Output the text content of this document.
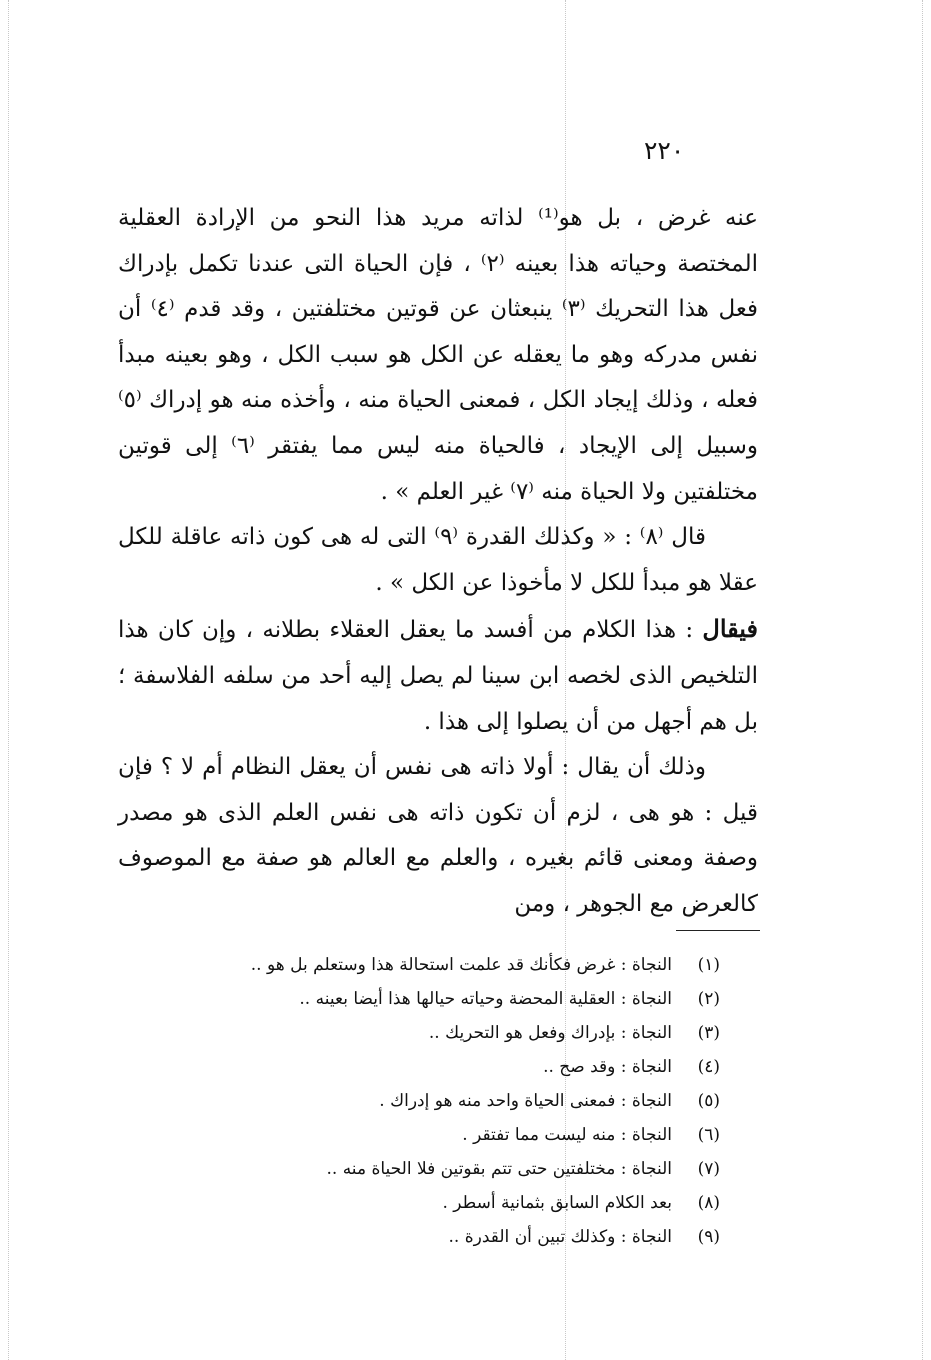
٢٢٠

عنه غرض ، بل هو⁽¹⁾ لذاته مريد هذا النحو من الإرادة العقلية المختصة وحياته هذا بعينه ⁽٢⁾ ، فإن الحياة التى عندنا تكمل بإدراك فعل هذا التحريك ⁽٣⁾ ينبعثان عن قوتين مختلفتين ، وقد قدم ⁽٤⁾ أن نفس مدركه وهو ما يعقله عن الكل هو سبب الكل ، وهو بعينه مبدأ فعله ، وذلك إيجاد الكل ، فمعنى الحياة منه ، وأخذه منه هو إدراك ⁽٥⁾ وسبيل إلى الإيجاد ، فالحياة منه ليس مما يفتقر ⁽٦⁾ إلى قوتين مختلفتين ولا الحياة منه ⁽٧⁾ غير العلم » .

قال ⁽٨⁾ : « وكذلك القدرة ⁽٩⁾ التى له هى كون ذاته عاقلة للكل عقلا هو مبدأ للكل لا مأخوذا عن الكل » .

فيقال : هذا الكلام من أفسد ما يعقل العقلاء بطلانه ، وإن كان هذا التلخيص الذى لخصه ابن سينا لم يصل إليه أحد من سلفه الفلاسفة ؛ بل هم أجهل من أن يصلوا إلى هذا .

وذلك أن يقال : أولا ذاته هى نفس أن يعقل النظام أم لا ؟ فإن قيل : هو هى ، لزم أن تكون ذاته هى نفس العلم الذى هو مصدر وصفة ومعنى قائم بغيره ، والعلم مع العالم هو صفة مع الموصوف كالعرض مع الجوهر ، ومن

(١)النجاة : غرض فكأنك قد علمت استحالة هذا وستعلم بل هو ..
(٢)النجاة : العقلية المحضة وحياته حيالها هذا أيضا بعينه ..
(٣)النجاة : بإدراك وفعل هو التحريك ..
(٤)النجاة : وقد صح ..
(٥)النجاة : فمعنى الحياة واحد منه هو إدراك .
(٦)النجاة : منه ليست مما تفتقر .
(٧)النجاة : مختلفتين حتى تتم بقوتين فلا الحياة منه ..
(٨)بعد الكلام السابق بثمانية أسطر .
(٩)النجاة : وكذلك تبين أن القدرة ..
